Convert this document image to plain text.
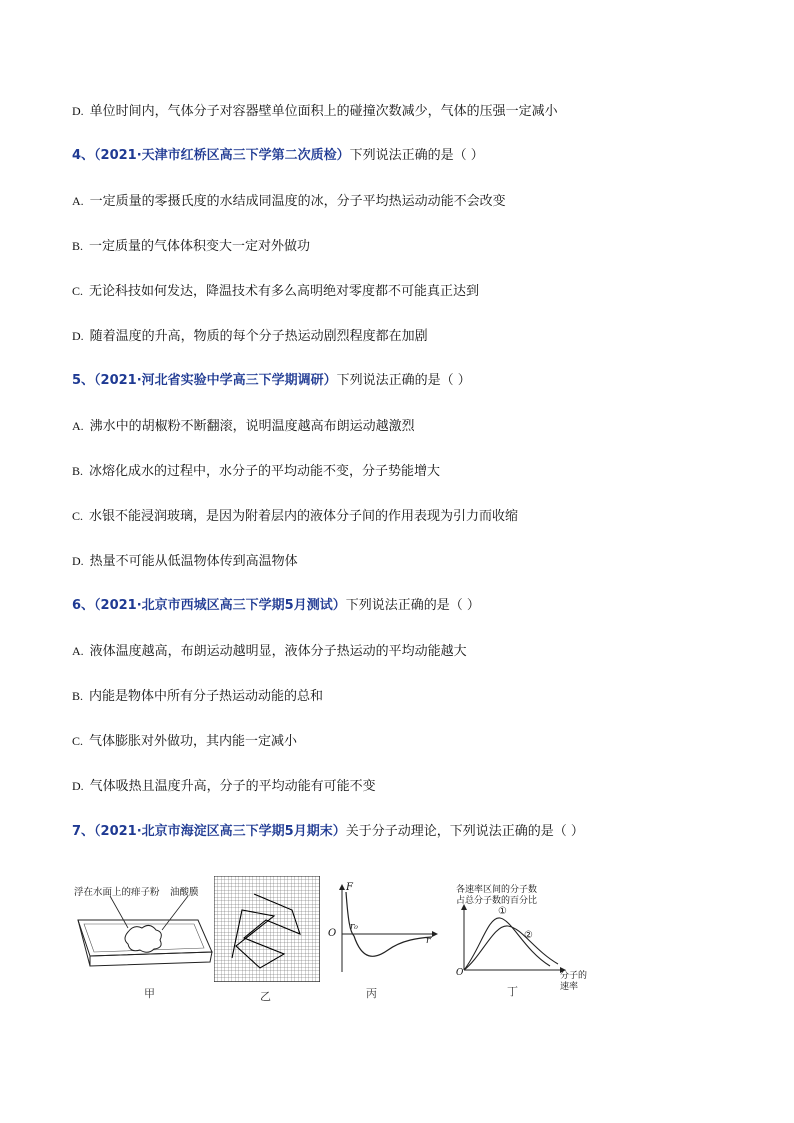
D. 单位时间内，气体分子对容器壁单位面积上的碰撞次数减少，气体的压强一定减小
4、（2021·天津市红桥区高三下学第二次质检）下列说法正确的是（ ）
A. 一定质量的零摄氏度的水结成同温度的冰，分子平均热运动动能不会改变
B. 一定质量的气体体积变大一定对外做功
C. 无论科技如何发达，降温技术有多么高明绝对零度都不可能真正达到
D. 随着温度的升高，物质的每个分子热运动剧烈程度都在加剧
5、（2021·河北省实验中学高三下学期调研）下列说法正确的是（ ）
A. 沸水中的胡椒粉不断翻滚，说明温度越高布朗运动越激烈
B. 冰熔化成水的过程中，水分子的平均动能不变，分子势能增大
C. 水银不能浸润玻璃，是因为附着层内的液体分子间的作用表现为引力而收缩
D. 热量不可能从低温物体传到高温物体
6、（2021·北京市西城区高三下学期5月测试）下列说法正确的是（ ）
A. 液体温度越高，布朗运动越明显，液体分子热运动的平均动能越大
B. 内能是物体中所有分子热运动动能的总和
C. 气体膨胀对外做功，其内能一定减小
D. 气体吸热且温度升高，分子的平均动能有可能不变
7、（2021·北京市海淀区高三下学期5月期末）关于分子动理论，下列说法正确的是（ ）
浮在水面上的痱子粉 油酸膜
甲	乙
F
O
r₀
r
丙
各速率区间的分子数
占总分子数的百分比
①
②
O	分子的
速率
丁
